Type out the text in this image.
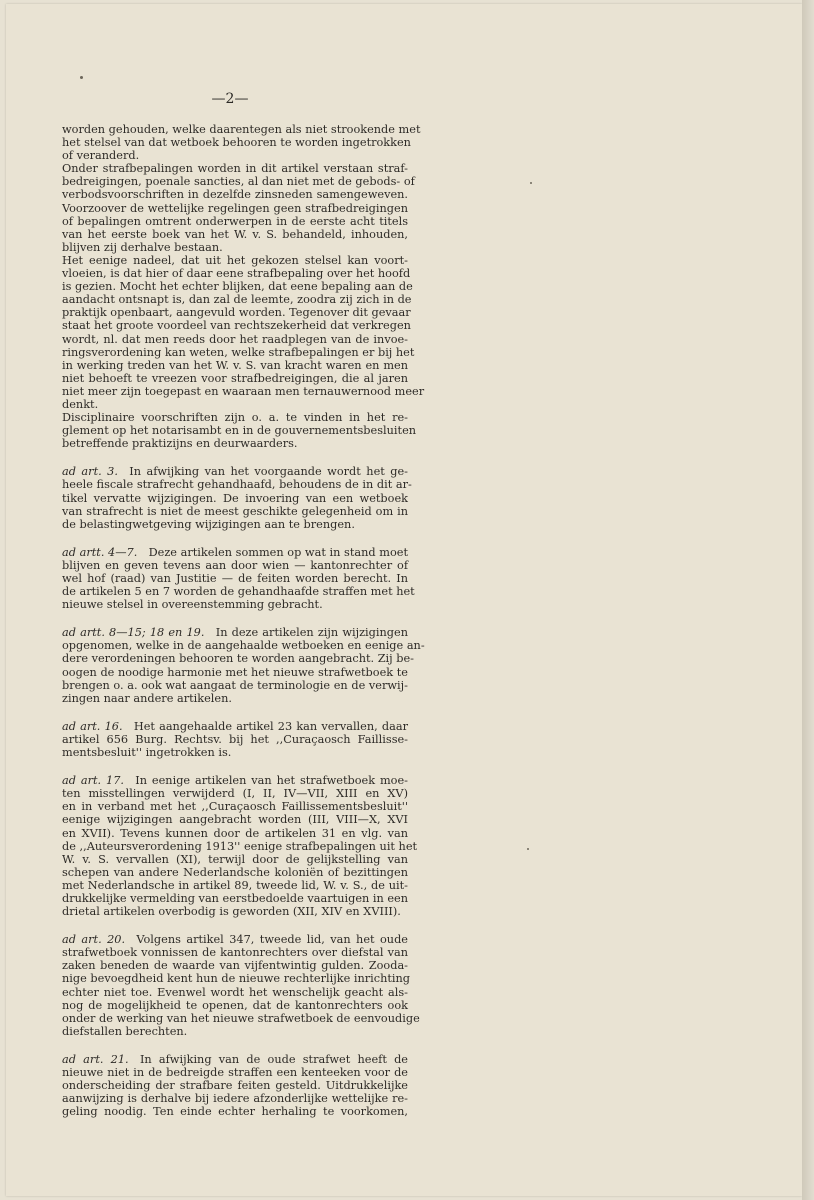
—2—
worden gehouden, welke daarentegen als niet strookende met
het stelsel van dat wetboek behooren te worden ingetrokken
of veranderd.
Onder strafbepalingen worden in dit artikel verstaan straf-
bedreigingen, poenale sancties, al dan niet met de gebods- of
verbodsvoorschriften in dezelfde zinsneden samengeweven.
Voorzoover de wettelijke regelingen geen strafbedreigingen
of bepalingen omtrent onderwerpen in de eerste acht titels
van het eerste boek van het W. v. S. behandeld, inhouden,
blijven zij derhalve bestaan.
Het eenige nadeel, dat uit het gekozen stelsel kan voort-
vloeien, is dat hier of daar eene strafbepaling over het hoofd
is gezien. Mocht het echter blijken, dat eene bepaling aan de
aandacht ontsnapt is, dan zal de leemte, zoodra zij zich in de
praktijk openbaart, aangevuld worden. Tegenover dit gevaar
staat het groote voordeel van rechtszekerheid dat verkregen
wordt, nl. dat men reeds door het raadplegen van de invoe-
ringsverordening kan weten, welke strafbepalingen er bij het
in werking treden van het W. v. S. van kracht waren en men
niet behoeft te vreezen voor strafbedreigingen, die al jaren
niet meer zijn toegepast en waaraan men ternauwernood meer
denkt.
Disciplinaire voorschriften zijn o. a. te vinden in het re-
glement op het notarisambt en in de gouvernementsbesluiten
betreffende praktizijns en deurwaarders.
ad art. 3.  In afwijking van het voorgaande wordt het ge-
heele fiscale strafrecht gehandhaafd, behoudens de in dit ar-
tikel vervatte wijzigingen. De invoering van een wetboek
van strafrecht is niet de meest geschikte gelegenheid om in
de belastingwetgeving wijzigingen aan te brengen.
ad artt. 4—7.  Deze artikelen sommen op wat in stand moet
blijven en geven tevens aan door wien — kantonrechter of
wel hof (raad) van Justitie — de feiten worden berecht. In
de artikelen 5 en 7 worden de gehandhaafde straffen met het
nieuwe stelsel in overeenstemming gebracht.
ad artt. 8—15; 18 en 19.  In deze artikelen zijn wijzigingen
opgenomen, welke in de aangehaalde wetboeken en eenige an-
dere verordeningen behooren te worden aangebracht. Zij be-
oogen de noodige harmonie met het nieuwe strafwetboek te
brengen o. a. ook wat aangaat de terminologie en de verwij-
zingen naar andere artikelen.
ad art. 16.  Het aangehaalde artikel 23 kan vervallen, daar
artikel 656 Burg. Rechtsv. bij het ,,Curaçaosch Faillisse-
mentsbesluit'' ingetrokken is.
ad art. 17.  In eenige artikelen van het strafwetboek moe-
ten misstellingen verwijderd (I, II, IV—VII, XIII en XV)
en in verband met het ,,Curaçaosch Faillissementsbesluit''
eenige wijzigingen aangebracht worden (III, VIII—X, XVI
en XVII). Tevens kunnen door de artikelen 31 en vlg. van
de ,,Auteursverordening 1913'' eenige strafbepalingen uit het
W. v. S. vervallen (XI), terwijl door de gelijkstelling van
schepen van andere Nederlandsche koloniën of bezittingen
met Nederlandsche in artikel 89, tweede lid, W. v. S., de uit-
drukkelijke vermelding van eerstbedoelde vaartuigen in een
drietal artikelen overbodig is geworden (XII, XIV en XVIII).
ad art. 20.  Volgens artikel 347, tweede lid, van het oude
strafwetboek vonnissen de kantonrechters over diefstal van
zaken beneden de waarde van vijfentwintig gulden. Zooda-
nige bevoegdheid kent hun de nieuwe rechterlijke inrichting
echter niet toe. Evenwel wordt het wenschelijk geacht als-
nog de mogelijkheid te openen, dat de kantonrechters ook
onder de werking van het nieuwe strafwetboek de eenvoudige
diefstallen berechten.
ad art. 21.  In afwijking van de oude strafwet heeft de
nieuwe niet in de bedreigde straffen een kenteeken voor de
onderscheiding der strafbare feiten gesteld. Uitdrukkelijke
aanwijzing is derhalve bij iedere afzonderlijke wettelijke re-
geling noodig. Ten einde echter herhaling te voorkomen,
